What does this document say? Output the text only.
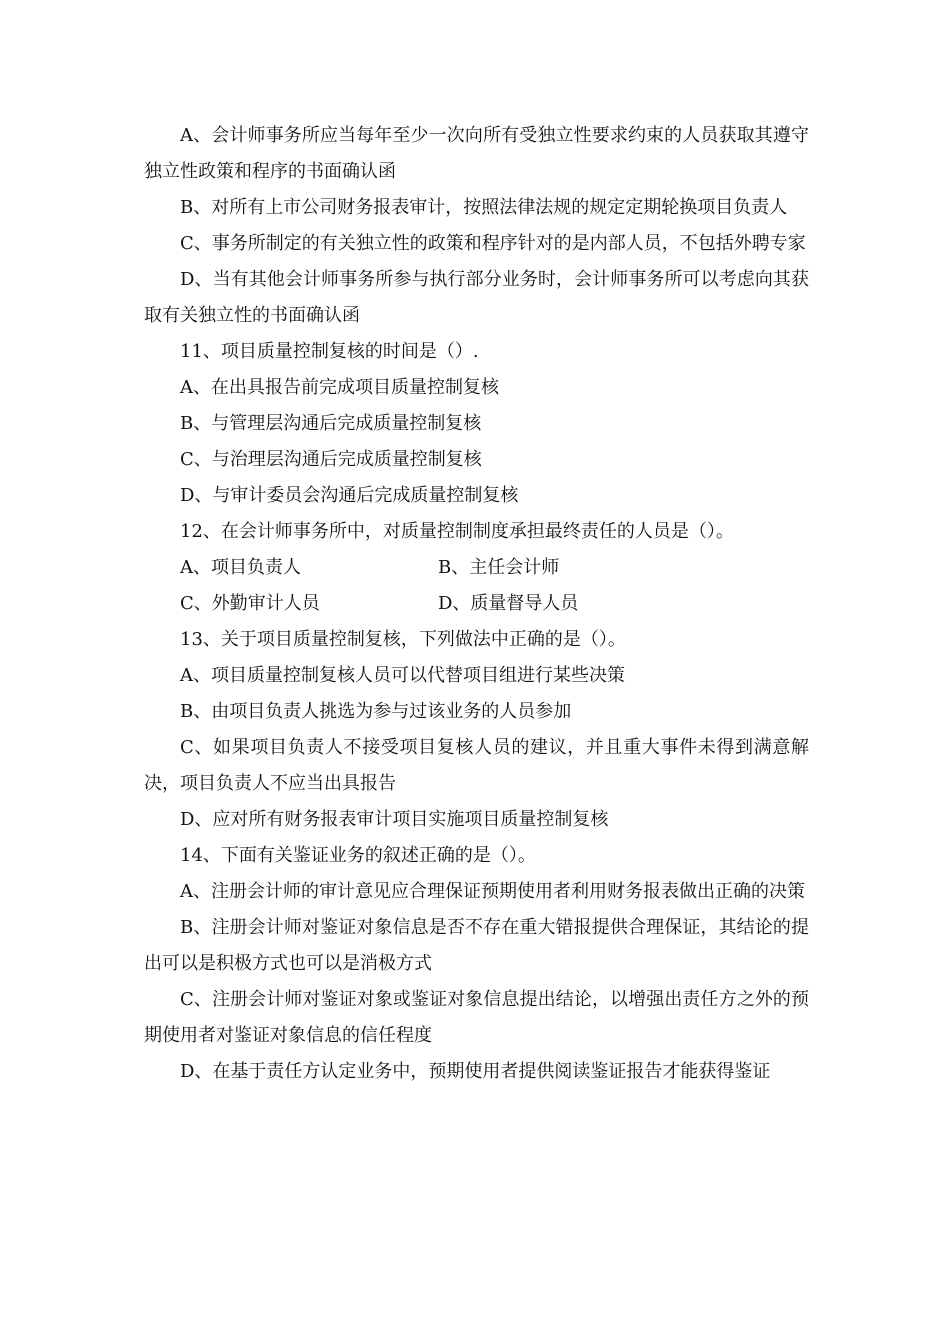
A、会计师事务所应当每年至少一次向所有受独立性要求约束的人员获取其遵守独立性政策和程序的书面确认函

B、对所有上市公司财务报表审计，按照法律法规的规定定期轮换项目负责人

C、事务所制定的有关独立性的政策和程序针对的是内部人员，不包括外聘专家

D、当有其他会计师事务所参与执行部分业务时，会计师事务所可以考虑向其获取有关独立性的书面确认函

11、项目质量控制复核的时间是（）.

A、在出具报告前完成项目质量控制复核

B、与管理层沟通后完成质量控制复核

C、与治理层沟通后完成质量控制复核

D、与审计委员会沟通后完成质量控制复核

12、在会计师事务所中，对质量控制制度承担最终责任的人员是（）。

A、项目负责人	B、主任会计师
C、外勤审计人员	D、质量督导人员

13、关于项目质量控制复核，下列做法中正确的是（）。

A、项目质量控制复核人员可以代替项目组进行某些决策

B、由项目负责人挑选为参与过该业务的人员参加

C、如果项目负责人不接受项目复核人员的建议，并且重大事件未得到满意解决，项目负责人不应当出具报告

D、应对所有财务报表审计项目实施项目质量控制复核

14、下面有关鉴证业务的叙述正确的是（）。

A、注册会计师的审计意见应合理保证预期使用者利用财务报表做出正确的决策

B、注册会计师对鉴证对象信息是否不存在重大错报提供合理保证，其结论的提出可以是积极方式也可以是消极方式

C、注册会计师对鉴证对象或鉴证对象信息提出结论，以增强出责任方之外的预期使用者对鉴证对象信息的信任程度

D、在基于责任方认定业务中，预期使用者提供阅读鉴证报告才能获得鉴证
